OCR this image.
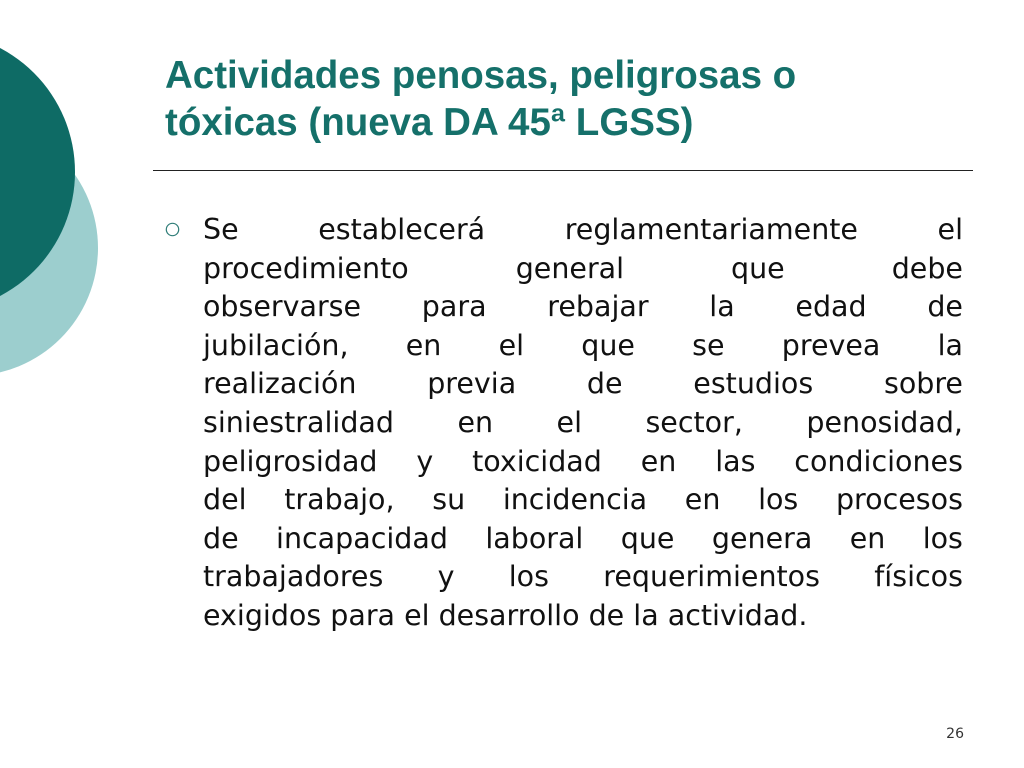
Actividades penosas, peligrosas o
tóxicas (nueva DA 45ª LGSS)
Se	establecerá	reglamentariamente	el
procedimiento	general	que	debe
observarse para rebajar la edad de
jubilación, en el que se prevea la
realización previa de estudios sobre
siniestralidad en el sector, penosidad,
peligrosidad y toxicidad en las condiciones
del trabajo, su incidencia en los procesos
de incapacidad laboral que genera en los
trabajadores y los requerimientos físicos
exigidos para el desarrollo de la actividad.
26
